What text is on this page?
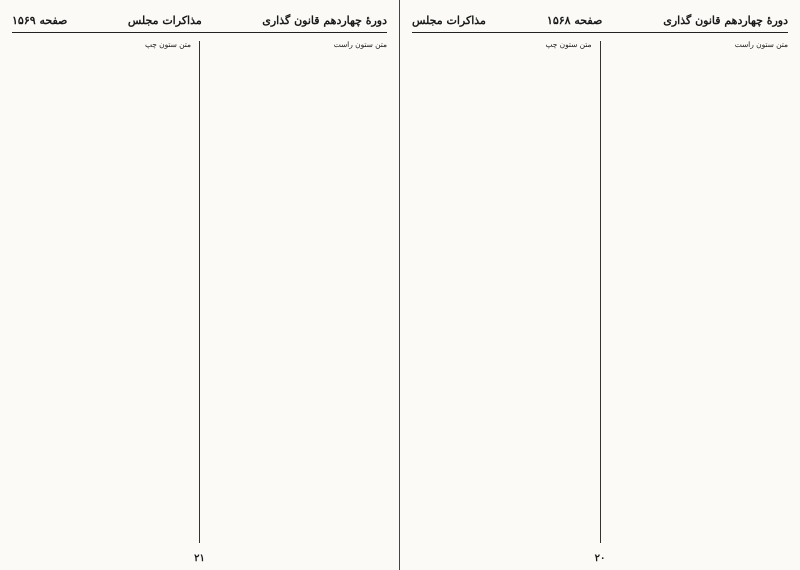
دورهٔ چهاردهم قانون گذاری
مذاکرات مجلس
صفحه ۱۵۶۹
متن ستون راست
متن ستون چپ
۲۱
دورهٔ چهاردهم قانون گذاری
صفحه ۱۵۶۸
مذاکرات مجلس
متن ستون راست
متن ستون چپ
۲۰
